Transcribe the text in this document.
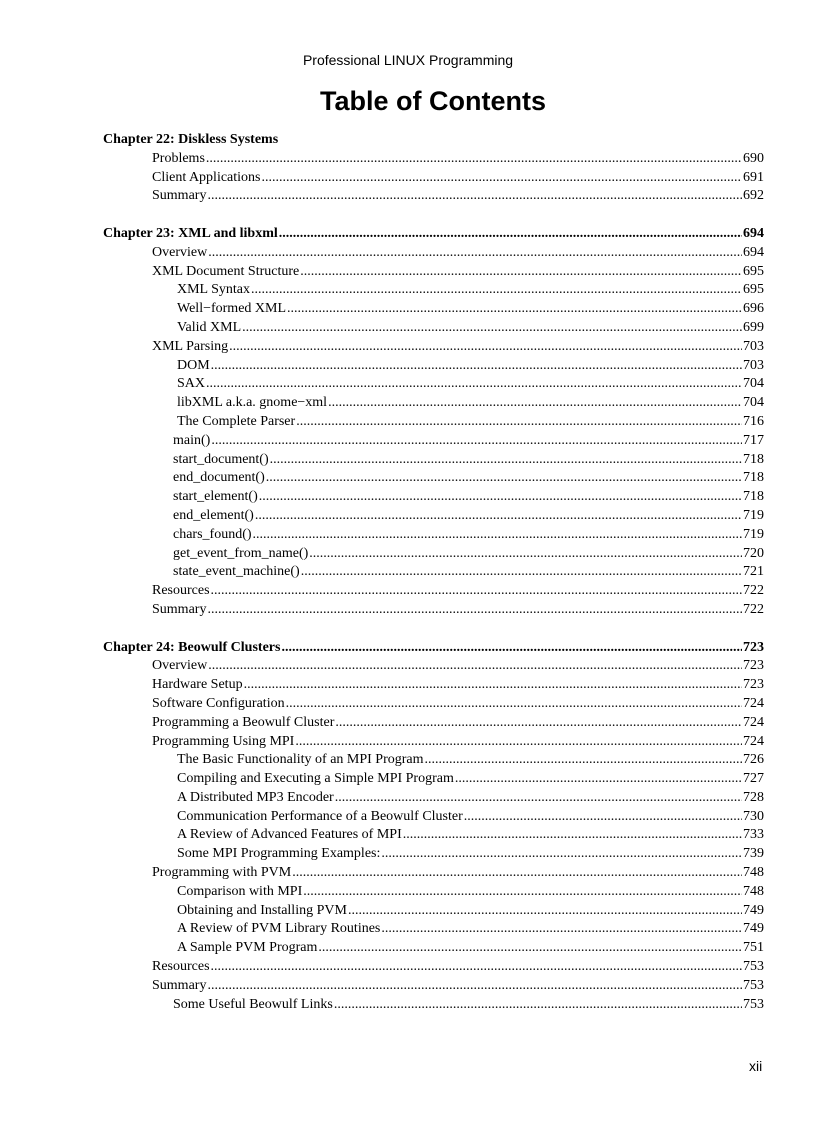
Professional LINUX Programming
Table of Contents
Chapter 22: Diskless Systems
Problems .....	690
Client Applications .....	691
Summary .....	692
Chapter 23: XML and libxml .....	694
Overview .....	694
XML Document Structure .....	695
XML Syntax .....	695
Well−formed XML .....	696
Valid XML .....	699
XML Parsing .....	703
DOM .....	703
SAX .....	704
libXML a.k.a. gnome−xml .....	704
The Complete Parser .....	716
main() .....	717
start_document() .....	718
end_document() .....	718
start_element() .....	718
end_element() .....	719
chars_found() .....	719
get_event_from_name() .....	720
state_event_machine() .....	721
Resources .....	722
Summary .....	722
Chapter 24: Beowulf Clusters .....	723
Overview .....	723
Hardware Setup .....	723
Software Configuration .....	724
Programming a Beowulf Cluster .....	724
Programming Using MPI .....	724
The Basic Functionality of an MPI Program .....	726
Compiling and Executing a Simple MPI Program .....	727
A Distributed MP3 Encoder .....	728
Communication Performance of a Beowulf Cluster .....	730
A Review of Advanced Features of MPI .....	733
Some MPI Programming Examples: .....	739
Programming with PVM .....	748
Comparison with MPI .....	748
Obtaining and Installing PVM .....	749
A Review of PVM Library Routines .....	749
A Sample PVM Program .....	751
Resources .....	753
Summary .....	753
Some Useful Beowulf Links .....	753
xii
